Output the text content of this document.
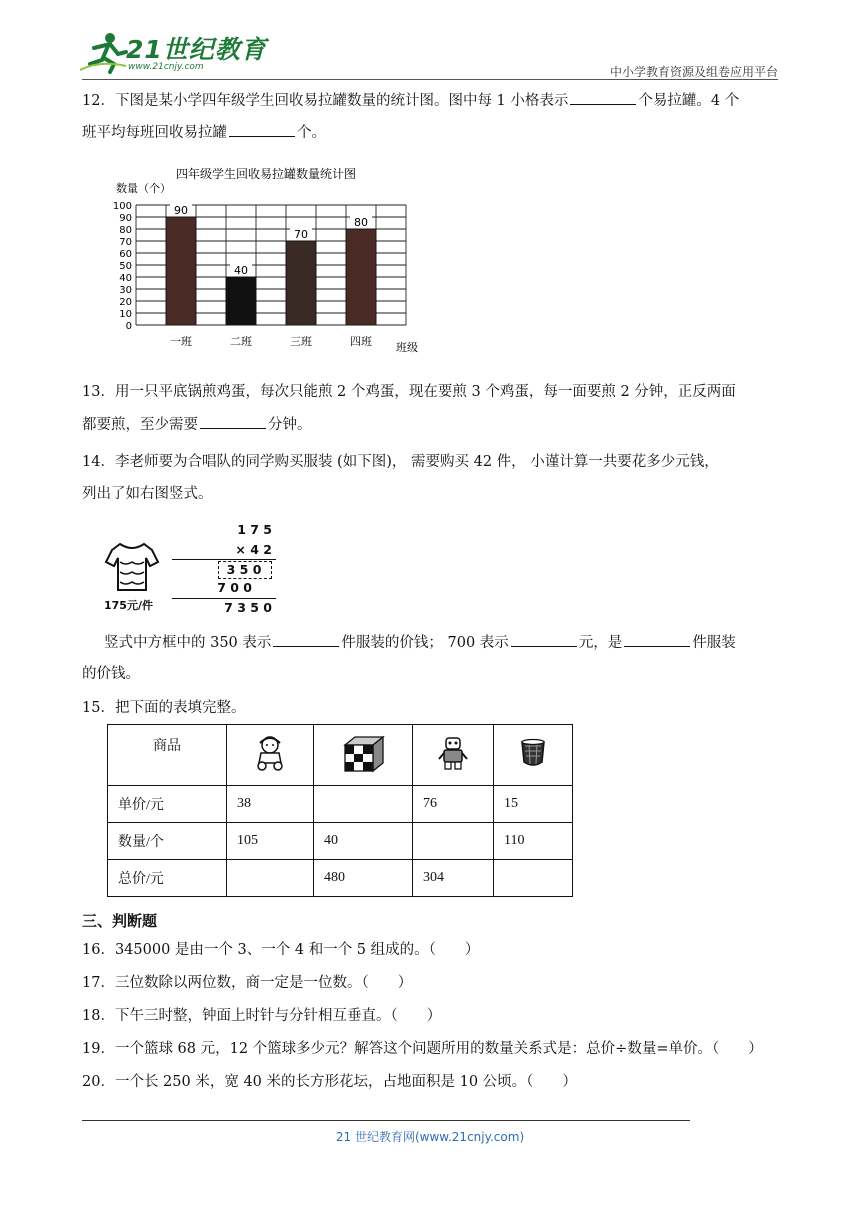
21世纪教育
www.21cnjy.com	中小学教育资源及组卷应用平台
12．下图是某小学四年级学生回收易拉罐数量的统计图。图中每 1 小格表示	个易拉罐。4 个
班平均每班回收易拉罐	个。
四年级学生回收易拉罐数量统计图
数量（个）
0
10
20
30
40
50
60
70
80
90
100	90
一班
40
二班
70
三班
80
四班 班级
13．用一只平底锅煎鸡蛋，每次只能煎 2 个鸡蛋，现在要煎 3 个鸡蛋，每一面要煎 2 分钟，正反两面
都要煎，至少需要	分钟。
14．李老师要为合唱队的同学购买服装 (如下图)， 需要购买 42 件， 小谨计算一共要花多少元钱，
列出了如右图竖式。
175元/件
1 7 5
× 4 2
3 5 0
7 0 0
7 3 5 0
竖式中方框中的 350 表示	件服装的价钱； 700 表示	元，是	件服装
的价钱。
15．把下面的表填完整。
商品				
单价/元	38		76	15
数量/个	105	40		110
总价/元		480	304	
三、判断题
16．345000 是由一个 3、一个 4 和一个 5 组成的。（　　）
17．三位数除以两位数，商一定是一位数。（　　）
18．下午三时整，钟面上时针与分针相互垂直。（　　）
19．一个篮球 68 元，12 个篮球多少元？解答这个问题所用的数量关系式是：总价÷数量=单价。（　　）
20．一个长 250 米，宽 40 米的长方形花坛，占地面积是 10 公顷。（　　）
21 世纪教育网(www.21cnjy.com)
